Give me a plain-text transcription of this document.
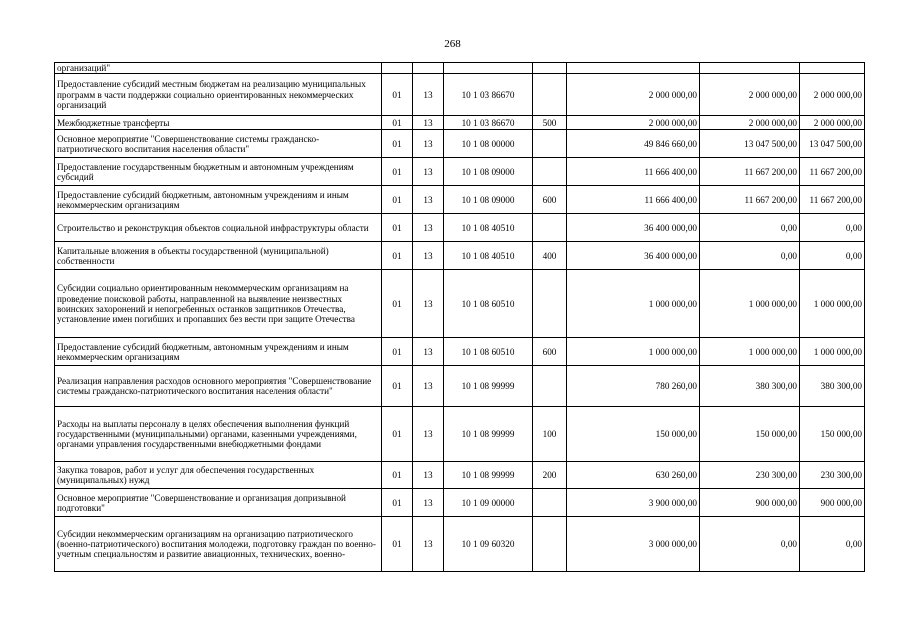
268
организаций"							
Предоставление субсидий местным бюджетам на реализацию муниципальных программ в части поддержки социально ориентированных некоммерческих организаций	01	13	10 1 03 86670		2 000 000,00	2 000 000,00	2 000 000,00
Межбюджетные трансферты	01	13	10 1 03 86670	500	2 000 000,00	2 000 000,00	2 000 000,00
Основное мероприятие "Совершенствование системы гражданско-патриотического воспитания населения области"	01	13	10 1 08 00000		49 846 660,00	13 047 500,00	13 047 500,00
Предоставление государственным бюджетным и автономным учреждениям субсидий	01	13	10 1 08 09000		11 666 400,00	11 667 200,00	11 667 200,00
Предоставление субсидий бюджетным, автономным учреждениям и иным некоммерческим организациям	01	13	10 1 08 09000	600	11 666 400,00	11 667 200,00	11 667 200,00
Строительство и реконструкция объектов социальной инфраструктуры области	01	13	10 1 08 40510		36 400 000,00	0,00	0,00
Капитальные вложения в объекты государственной (муниципальной) собственности	01	13	10 1 08 40510	400	36 400 000,00	0,00	0,00
Субсидии социально ориентированным некоммерческим организациям на проведение поисковой работы, направленной на выявление неизвестных воинских захоронений и непогребенных останков защитников Отечества, установление имен погибших и пропавших без вести при защите Отечества	01	13	10 1 08 60510		1 000 000,00	1 000 000,00	1 000 000,00
Предоставление субсидий бюджетным, автономным учреждениям и иным некоммерческим организациям	01	13	10 1 08 60510	600	1 000 000,00	1 000 000,00	1 000 000,00
Реализация направления расходов основного мероприятия "Совершенствование системы гражданско-патриотического воспитания населения области"	01	13	10 1 08 99999		780 260,00	380 300,00	380 300,00
Расходы на выплаты персоналу в целях обеспечения выполнения функций государственными (муниципальными) органами, казенными учреждениями, органами управления государственными внебюджетными фондами	01	13	10 1 08 99999	100	150 000,00	150 000,00	150 000,00
Закупка товаров, работ и услуг для обеспечения государственных (муниципальных) нужд	01	13	10 1 08 99999	200	630 260,00	230 300,00	230 300,00
Основное мероприятие "Совершенствование и организация допризывной подготовки"	01	13	10 1 09 00000		3 900 000,00	900 000,00	900 000,00
Субсидии некоммерческим организациям на организацию патриотического (военно-патриотического) воспитания молодежи, подготовку граждан по военно-учетным специальностям и развитие авиационных, технических, военно-	01	13	10 1 09 60320		3 000 000,00	0,00	0,00
